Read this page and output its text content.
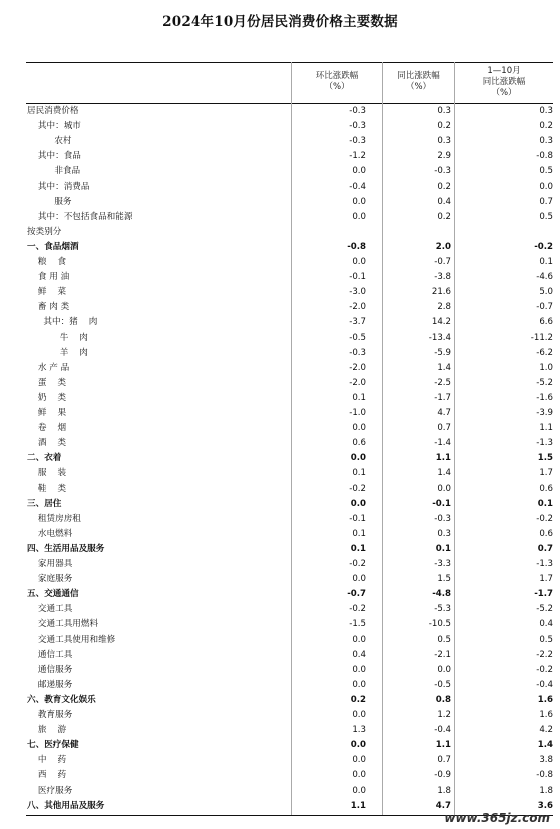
2024年10月份居民消费价格主要数据
环比涨跌幅
（%）
同比涨跌幅
（%）
1—10月
同比涨跌幅
（%）
居民消费价格	-0.3	0.3	0.3
其中：城市	-0.3	0.2	0.2
农村	-0.3	0.3	0.3
其中：食品	-1.2	2.9	-0.8
非食品	0.0	-0.3	0.5
其中：消费品	-0.4	0.2	0.0
服务	0.0	0.4	0.7
其中：不包括食品和能源	0.0	0.2	0.5
按类别分
一、食品烟酒	-0.8	2.0	-0.2
粮    食	0.0	-0.7	0.1
食 用 油	-0.1	-3.8	-4.6
鲜    菜	-3.0	21.6	5.0
畜 肉 类	-2.0	2.8	-0.7
其中：猪    肉	-3.7	14.2	6.6
牛    肉	-0.5	-13.4	-11.2
羊    肉	-0.3	-5.9	-6.2
水 产 品	-2.0	1.4	1.0
蛋    类	-2.0	-2.5	-5.2
奶    类	0.1	-1.7	-1.6
鲜    果	-1.0	4.7	-3.9
卷    烟	0.0	0.7	1.1
酒    类	0.6	-1.4	-1.3
二、衣着	0.0	1.1	1.5
服    装	0.1	1.4	1.7
鞋    类	-0.2	0.0	0.6
三、居住	0.0	-0.1	0.1
租赁房房租	-0.1	-0.3	-0.2
水电燃料	0.1	0.3	0.6
四、生活用品及服务	0.1	0.1	0.7
家用器具	-0.2	-3.3	-1.3
家庭服务	0.0	1.5	1.7
五、交通通信	-0.7	-4.8	-1.7
交通工具	-0.2	-5.3	-5.2
交通工具用燃料	-1.5	-10.5	0.4
交通工具使用和维修	0.0	0.5	0.5
通信工具	0.4	-2.1	-2.2
通信服务	0.0	0.0	-0.2
邮递服务	0.0	-0.5	-0.4
六、教育文化娱乐	0.2	0.8	1.6
教育服务	0.0	1.2	1.6
旅    游	1.3	-0.4	4.2
七、医疗保健	0.0	1.1	1.4
中    药	0.0	0.7	3.8
西    药	0.0	-0.9	-0.8
医疗服务	0.0	1.8	1.8
八、其他用品及服务	1.1	4.7	3.6
www.365jz.com
